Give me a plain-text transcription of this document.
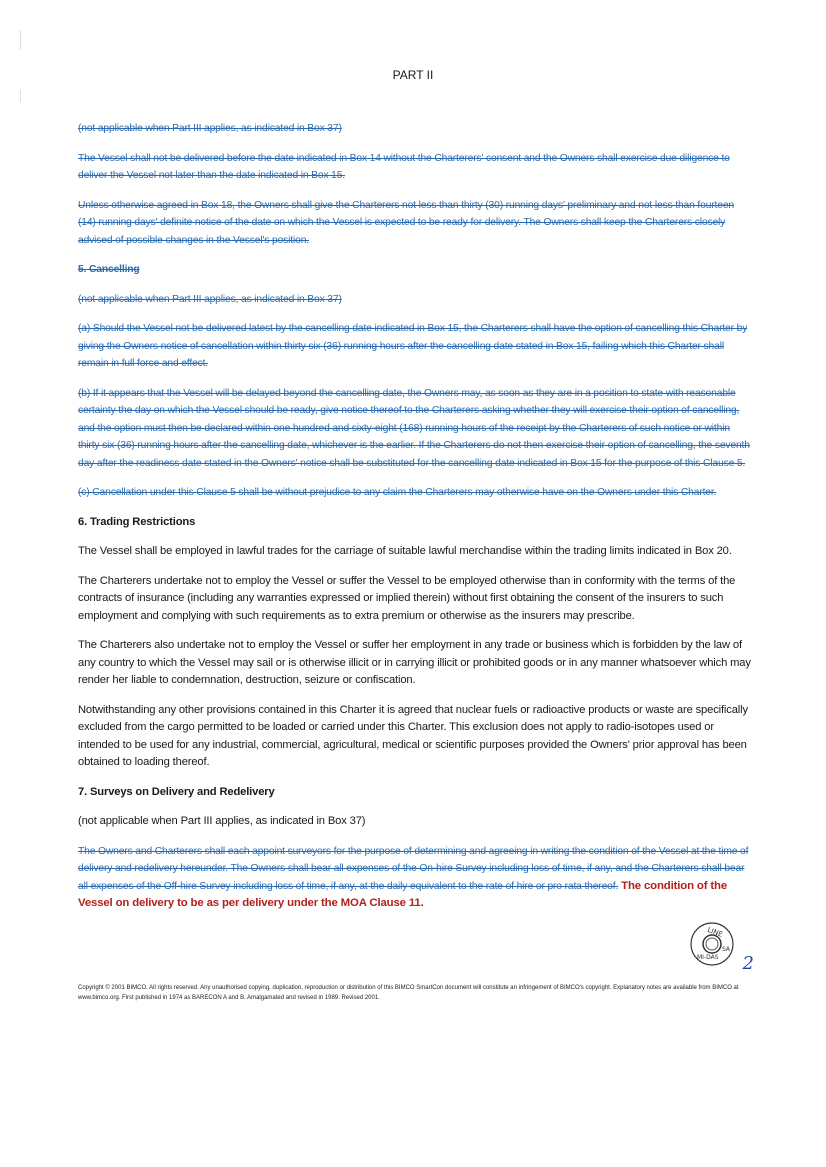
PART II
(not applicable when Part III applies, as indicated in Box 37)
The Vessel shall not be delivered before the date indicated in Box 14 without the Charterers' consent and the Owners shall exercise due diligence to deliver the Vessel not later than the date indicated in Box 15.
Unless otherwise agreed in Box 18, the Owners shall give the Charterers not less than thirty (30) running days' preliminary and not less than fourteen (14) running days' definite notice of the date on which the Vessel is expected to be ready for delivery. The Owners shall keep the Charterers closely advised of possible changes in the Vessel's position.
5. Cancelling
(not applicable when Part III applies, as indicated in Box 37)
(a) Should the Vessel not be delivered latest by the cancelling date indicated in Box 15, the Charterers shall have the option of cancelling this Charter by giving the Owners notice of cancellation within thirty six (36) running hours after the cancelling date stated in Box 15, failing which this Charter shall remain in full force and effect.
(b) If it appears that the Vessel will be delayed beyond the cancelling date, the Owners may, as soon as they are in a position to state with reasonable certainty the day on which the Vessel should be ready, give notice thereof to the Charterers asking whether they will exercise their option of cancelling, and the option must then be declared within one hundred and sixty-eight (168) running hours of the receipt by the Charterers of such notice or within thirty six (36) running hours after the cancelling date, whichever is the earlier. If the Charterers do not then exercise their option of cancelling, the seventh day after the readiness date stated in the Owners' notice shall be substituted for the cancelling date indicated in Box 15 for the purpose of this Clause 5.
(c) Cancellation under this Clause 5 shall be without prejudice to any claim the Charterers may otherwise have on the Owners under this Charter.
6. Trading Restrictions
The Vessel shall be employed in lawful trades for the carriage of suitable lawful merchandise within the trading limits indicated in Box 20.
The Charterers undertake not to employ the Vessel or suffer the Vessel to be employed otherwise than in conformity with the terms of the contracts of insurance (including any warranties expressed or implied therein) without first obtaining the consent of the insurers to such employment and complying with such requirements as to extra premium or otherwise as the insurers may prescribe.
The Charterers also undertake not to employ the Vessel or suffer her employment in any trade or business which is forbidden by the law of any country to which the Vessel may sail or is otherwise illicit or in carrying illicit or prohibited goods or in any manner whatsoever which may render her liable to condemnation, destruction, seizure or confiscation.
Notwithstanding any other provisions contained in this Charter it is agreed that nuclear fuels or radioactive products or waste are specifically excluded from the cargo permitted to be loaded or carried under this Charter. This exclusion does not apply to radio-isotopes used or intended to be used for any industrial, commercial, agricultural, medical or scientific purposes provided the Owners' prior approval has been obtained to loading thereof.
7. Surveys on Delivery and Redelivery
(not applicable when Part III applies, as indicated in Box 37)
The Owners and Charterers shall each appoint surveyors for the purpose of determining and agreeing in writing the condition of the Vessel at the time of delivery and redelivery hereunder. The Owners shall bear all expenses of the On-hire Survey including loss of time, if any, and the Charterers shall bear all expenses of the Off-hire Survey including loss of time, if any, at the daily equivalent to the rate of hire or pro rata thereof. The condition of the Vessel on delivery to be as per delivery under the MOA Clause 11.
LINE
SA
MI-DAS 2
Copyright © 2001 BIMCO. All rights reserved. Any unauthorised copying, duplication, reproduction or distribution of this BIMCO SmartCon document will constitute an infringement of BIMCO's copyright. Explanatory notes are available from BIMCO at www.bimco.org. First published in 1974 as BARECON A and B. Amalgamated and revised in 1989. Revised 2001.
